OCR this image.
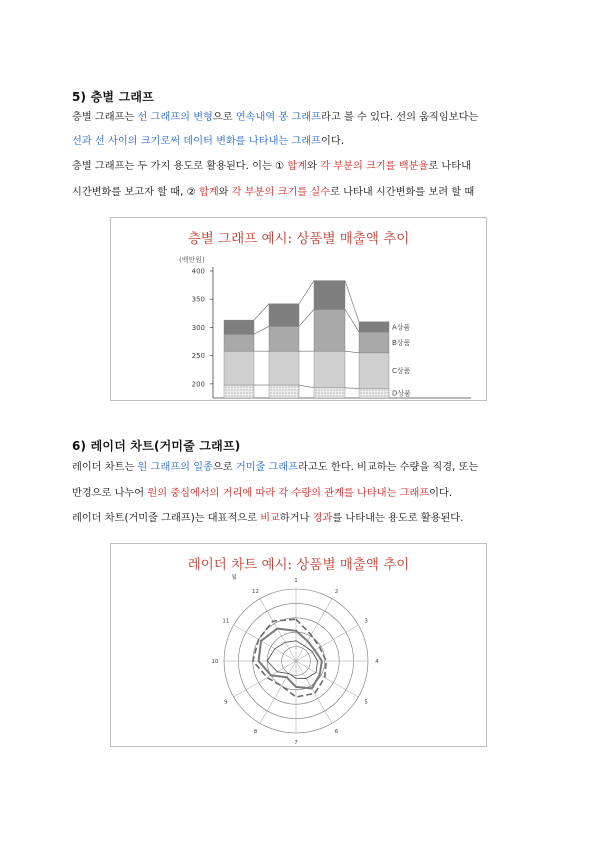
5) 층별 그래프
층별 그래프는 선 그래프의 변형으로 연속내역 봉 그래프라고 볼 수 있다. 선의 움직임보다는
선과 선 사이의 크기로써 데이터 변화를 나타내는 그래프이다.
층별 그래프는 두 가지 용도로 활용된다. 이는 ① 합계와 각 부분의 크기를 백분율로 나타내
시간변화를 보고자 할 때, ② 합계와 각 부분의 크기를 실수로 나타내 시간변화를 보려 할 때
층별 그래프 예시: 상품별 매출액 추이
(백만원)
400
350
300
250
200
D상품
C상품
B상품
A상품
6) 레이더 차트(거미줄 그래프)
레이더 차트는 원 그래프의 일종으로 거미줄 그래프라고도 한다. 비교하는 수량을 직경, 또는
반경으로 나누어 원의 중심에서의 거리에 따라 각 수량의 관계를 나타내는 그래프이다.
레이더 차트(거미줄 그래프)는 대표적으로 비교하거나 경과를 나타내는 용도로 활용된다.
레이더 차트 예시: 상품별 매출액 추이
월	1
2
3
4
5
6
7
8
9
10
11
12
